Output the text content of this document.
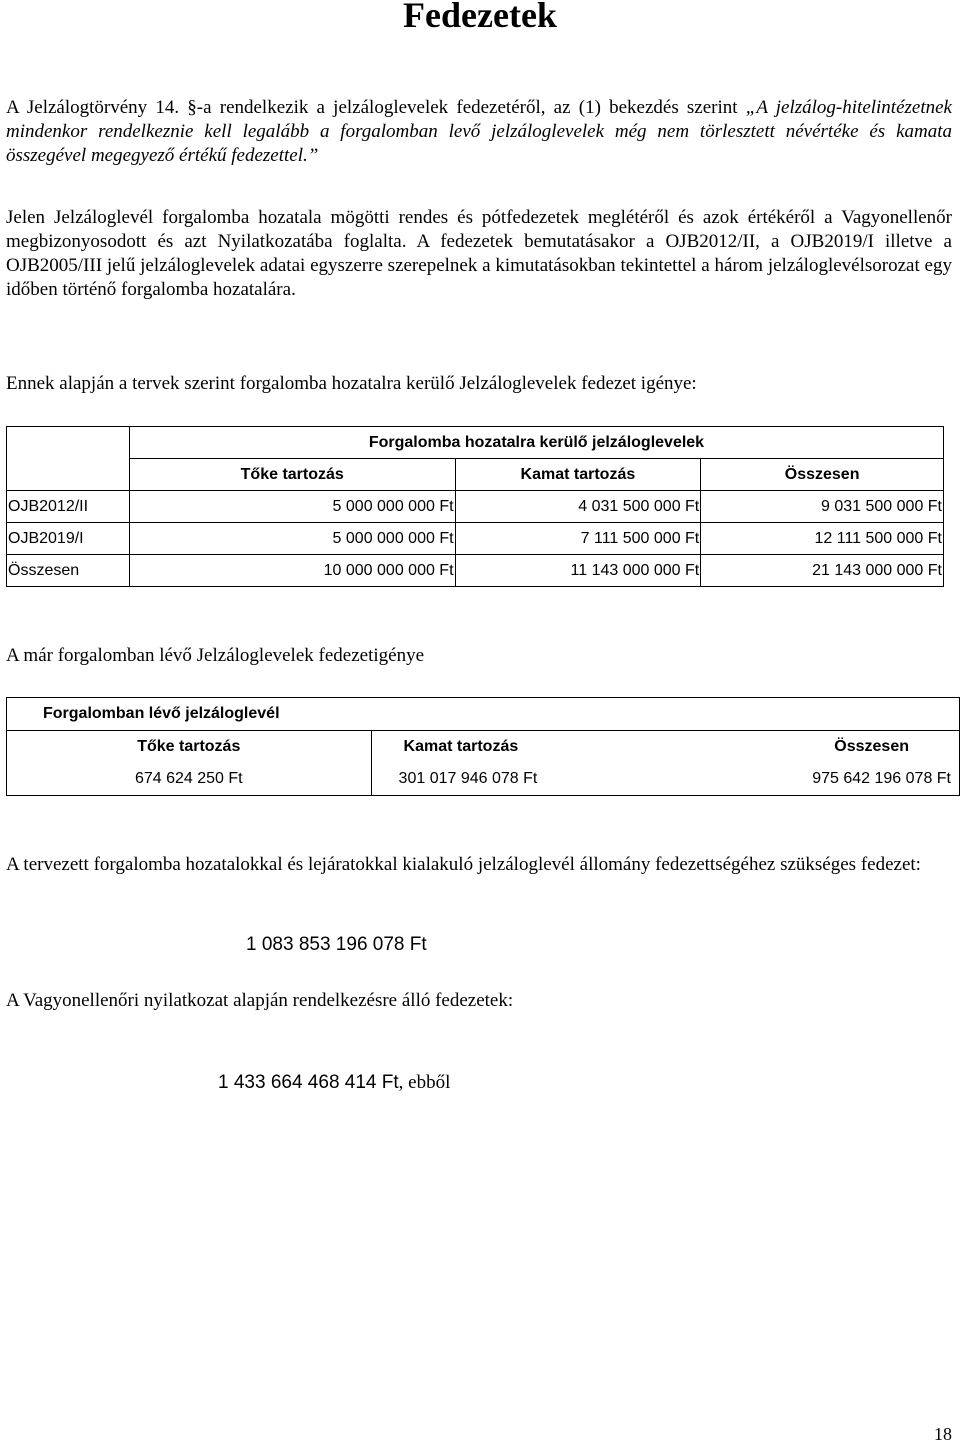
Fedezetek
A Jelzálogtörvény 14. §-a rendelkezik a jelzáloglevelek fedezetéről, az (1) bekezdés szerint „A jelzálog-hitelintézetnek mindenkor rendelkeznie kell legalább a forgalomban levő jelzáloglevelek még nem törlesztett névértéke és kamata összegével megegyező értékű fedezettel.”
Jelen Jelzáloglevél forgalomba hozatala mögötti rendes és pótfedezetek meglétéről és azok értékéről a Vagyonellenőr megbizonyosodott és azt Nyilatkozatába foglalta. A fedezetek bemutatásakor a OJB2012/II, a OJB2019/I illetve a OJB2005/III jelű jelzáloglevelek adatai egyszerre szerepelnek a kimutatásokban tekintettel a három jelzáloglevélsorozat egy időben történő forgalomba hozatalára.
Ennek alapján a tervek szerint forgalomba hozatalra kerülő Jelzáloglevelek fedezet igénye:
	Forgalomba hozatalra kerülő jelzáloglevelek		
	Tőke tartozás	Kamat tartozás	Összesen
OJB2012/II	5 000 000 000 Ft	4 031 500 000 Ft	9 031 500 000 Ft
OJB2019/I	5 000 000 000 Ft	7 111 500 000 Ft	12 111 500 000 Ft
Összesen	10 000 000 000 Ft	11 143 000 000 Ft	21 143 000 000 Ft
A már forgalomban lévő Jelzáloglevelek fedezetigénye
Forgalomban lévő jelzáloglevél		
Tőke tartozás	Kamat tartozás	Összesen
674 624 250 Ft	301 017 946 078 Ft	975 642 196 078 Ft
A tervezett forgalomba hozatalokkal és lejáratokkal kialakuló jelzáloglevél állomány fedezettségéhez szükséges fedezet:
1 083 853 196 078 Ft
A Vagyonellenőri nyilatkozat alapján rendelkezésre álló fedezetek:
1 433 664 468 414 Ft, ebből
18
